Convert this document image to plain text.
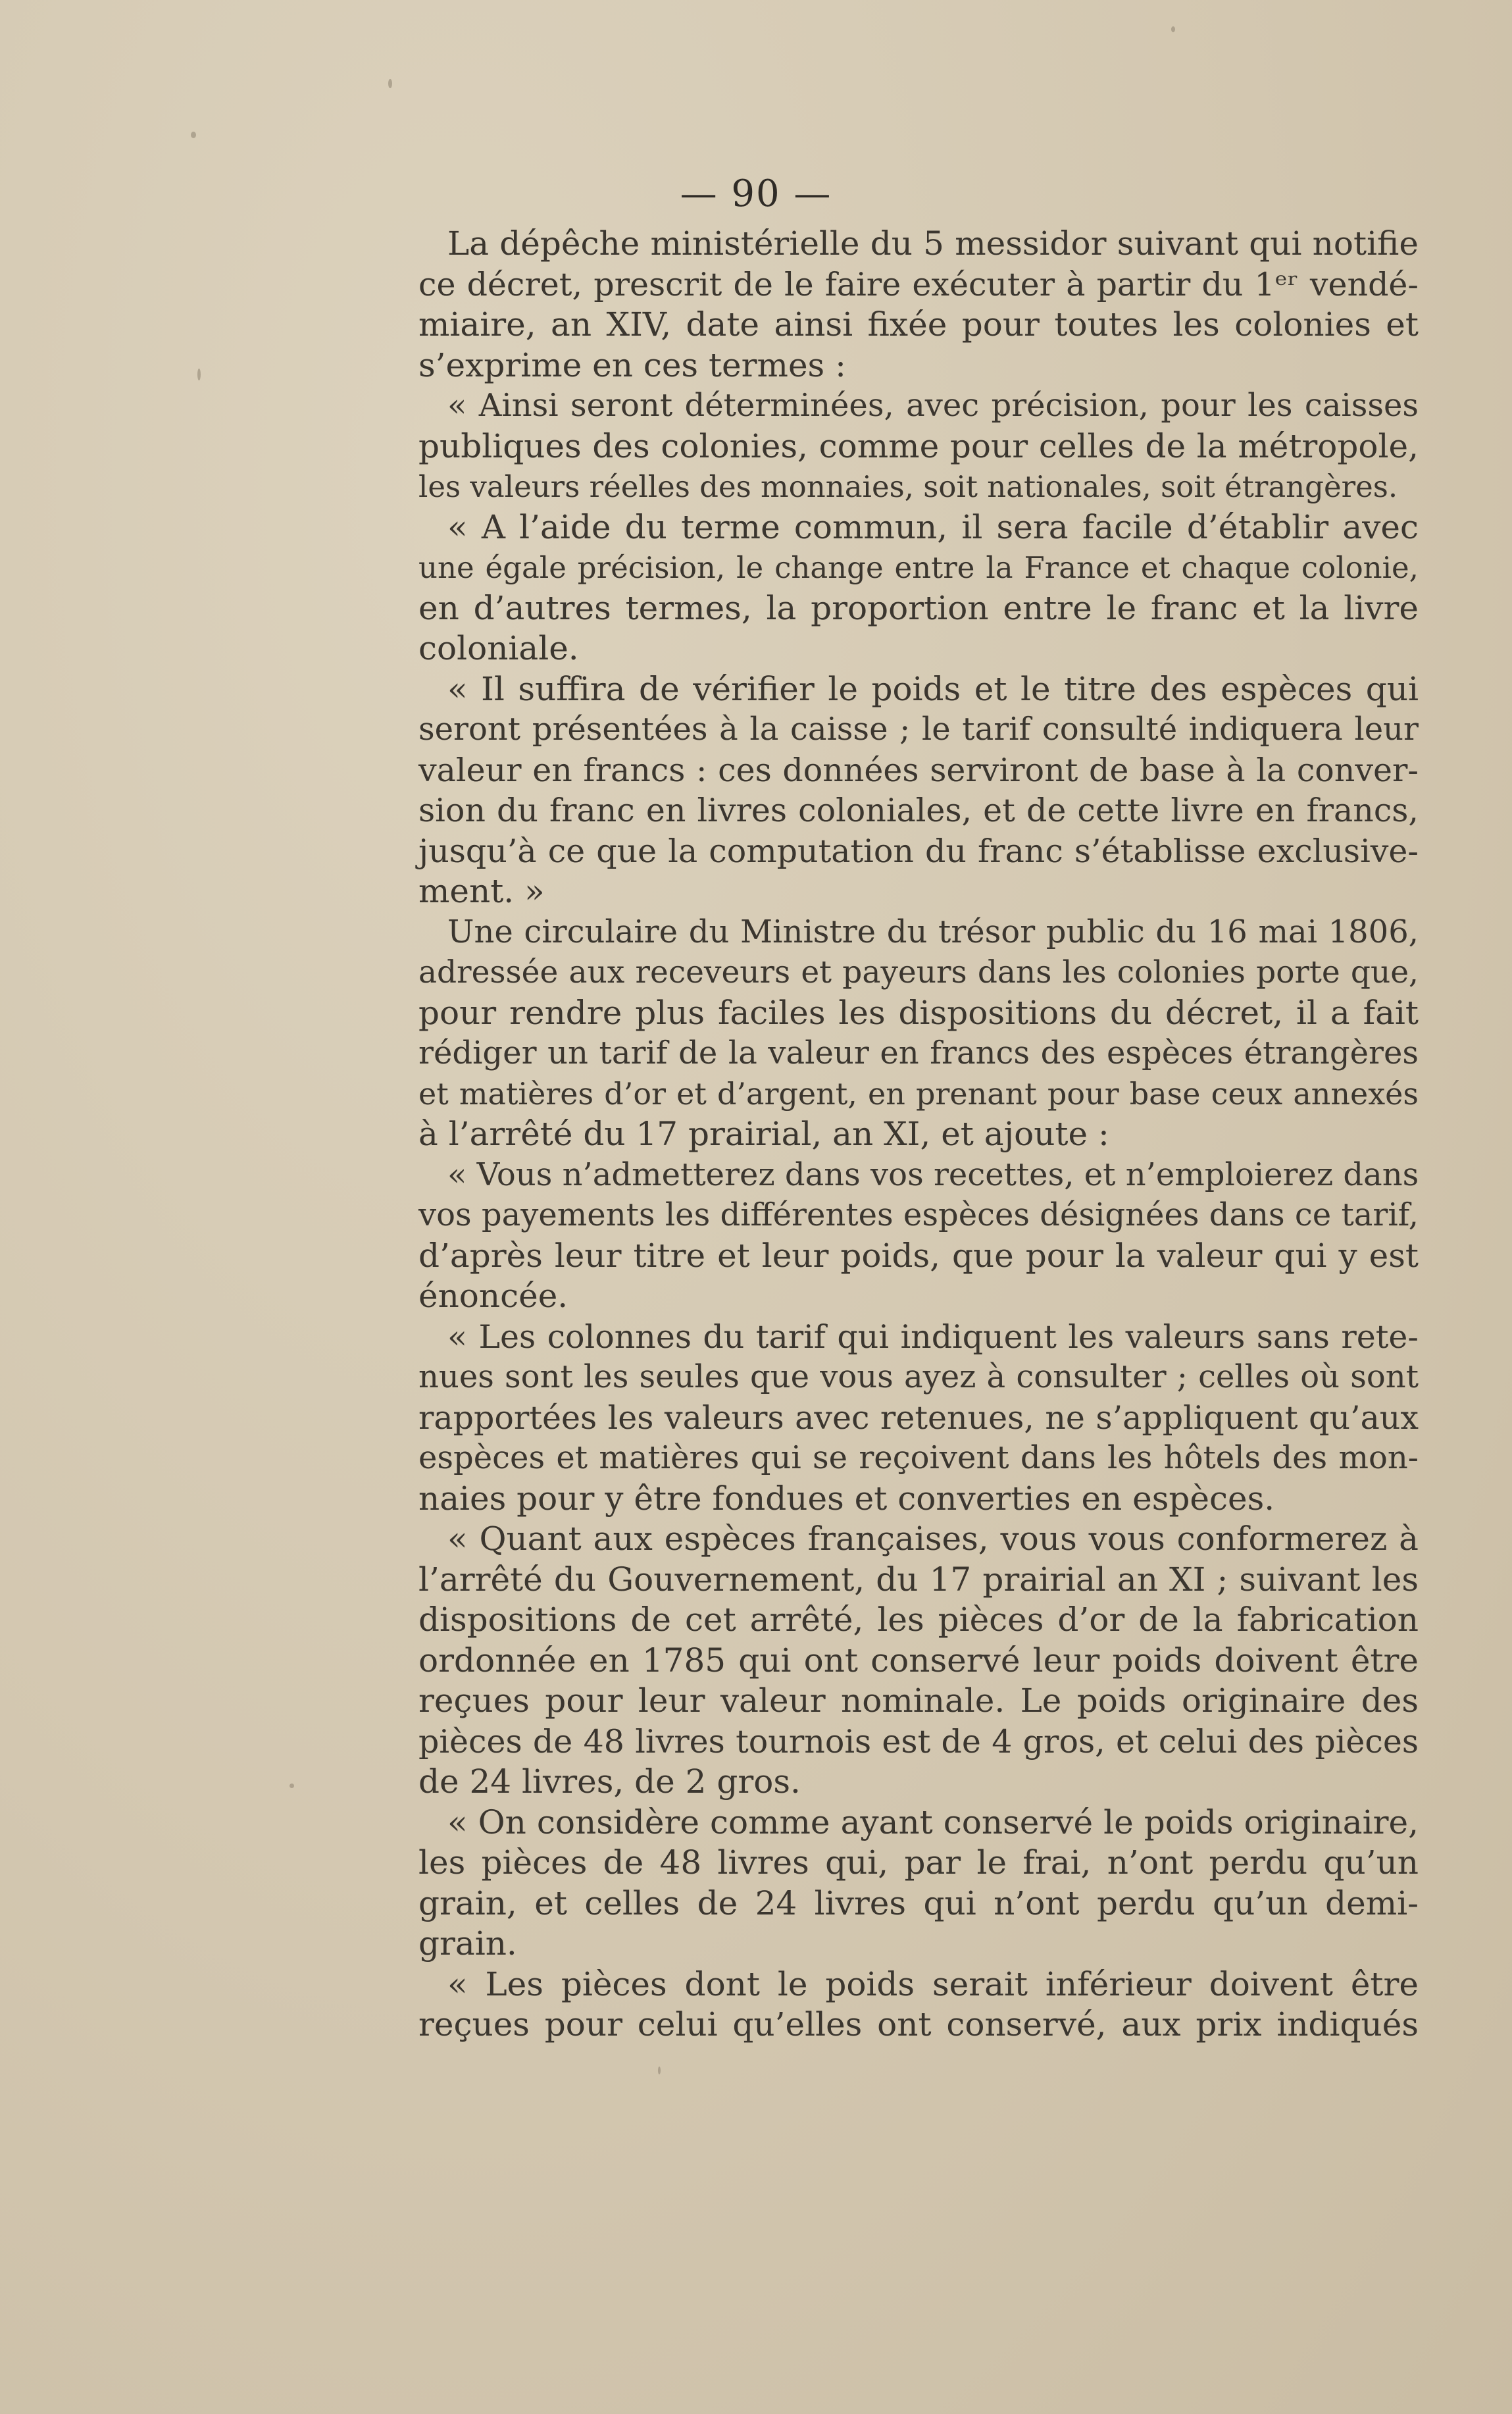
— 90 —
La dépêche ministérielle du 5 messidor suivant qui notifie
ce décret, prescrit de le faire exécuter à partir du 1ᵉʳ vendé-
miaire, an XIV, date ainsi fixée pour toutes les colonies et
s’exprime en ces termes :
« Ainsi seront déterminées, avec précision, pour les caisses
publiques des colonies, comme pour celles de la métropole,
les valeurs réelles des monnaies, soit nationales, soit étrangères.
« A l’aide du terme commun, il sera facile d’établir avec
une égale précision, le change entre la France et chaque colonie,
en d’autres termes, la proportion entre le franc et la livre
coloniale.
« Il suffira de vérifier le poids et le titre des espèces qui
seront présentées à la caisse ; le tarif consulté indiquera leur
valeur en francs : ces données serviront de base à la conver-
sion du franc en livres coloniales, et de cette livre en francs,
jusqu’à ce que la computation du franc s’établisse exclusive-
ment. »
Une circulaire du Ministre du trésor public du 16 mai 1806,
adressée aux receveurs et payeurs dans les colonies porte que,
pour rendre plus faciles les dispositions du décret, il a fait
rédiger un tarif de la valeur en francs des espèces étrangères
et matières d’or et d’argent, en prenant pour base ceux annexés
à l’arrêté du 17 prairial, an XI, et ajoute :
« Vous n’admetterez dans vos recettes, et n’emploierez dans
vos payements les différentes espèces désignées dans ce tarif,
d’après leur titre et leur poids, que pour la valeur qui y est
énoncée.
« Les colonnes du tarif qui indiquent les valeurs sans rete-
nues sont les seules que vous ayez à consulter ; celles où sont
rapportées les valeurs avec retenues, ne s’appliquent qu’aux
espèces et matières qui se reçoivent dans les hôtels des mon-
naies pour y être fondues et converties en espèces.
« Quant aux espèces françaises, vous vous conformerez à
l’arrêté du Gouvernement, du 17 prairial an XI ; suivant les
dispositions de cet arrêté, les pièces d’or de la fabrication
ordonnée en 1785 qui ont conservé leur poids doivent être
reçues pour leur valeur nominale. Le poids originaire des
pièces de 48 livres tournois est de 4 gros, et celui des pièces
de 24 livres, de 2 gros.
« On considère comme ayant conservé le poids originaire,
les pièces de 48 livres qui, par le frai, n’ont perdu qu’un
grain, et celles de 24 livres qui n’ont perdu qu’un demi-
grain.
« Les pièces dont le poids serait inférieur doivent être
reçues pour celui qu’elles ont conservé, aux prix indiqués
